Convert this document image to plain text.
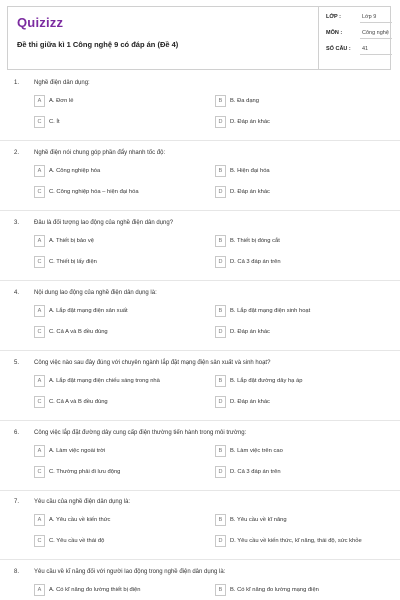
Quizizz
Đề thi giữa kì 1 Công nghệ 9 có đáp án (Đề 4)
LỚP :	Lớp 9
MÔN :	Công nghệ
SỐ CÂU : 41
1. Nghề điện dân dụng:
A	A. Đơn lẻ	B	B. Đa dạng
C	C. Ít	D	D. Đáp án khác
2. Nghề điện nói chung góp phần đẩy nhanh tốc độ:
A	A. Công nghiệp hóa	B	B. Hiện đại hóa
C	C. Công nghiệp hóa – hiện đại hóa	D	D. Đáp án khác
3. Đâu là đối tượng lao động của nghề điện dân dụng?
A	A. Thiết bị bảo vệ	B	B. Thiết bị đóng cắt
C	C. Thiết bị lấy điện	D	D. Cả 3 đáp án trên
4. Nội dung lao động của nghề điện dân dụng là:
A	A. Lắp đặt mạng điện sản xuất	B	B. Lắp đặt mạng điện sinh hoạt
C	C. Cả A và B đều đúng	D	D. Đáp án khác
5. Công việc nào sau đây đúng với chuyên ngành lắp đặt mạng điện sản xuất và sinh hoạt?
A	A. Lắp đặt mạng điện chiếu sáng trong nhà	B	B. Lắp đặt đường dây hạ áp
C	C. Cả A và B đều đúng	D	D. Đáp án khác
6. Công việc lắp đặt đường dây cung cấp điện thường tiến hành trong môi trường:
A	A. Làm việc ngoài trời	B	B. Làm việc trên cao
C	C. Thường phải đi lưu động	D	D. Cả 3 đáp án trên
7. Yêu cầu của nghề điện dân dụng là:
A	A. Yêu cầu về kiến thức	B	B. Yêu cầu về kĩ năng
C	C. Yêu cầu về thái độ	D	D. Yêu cầu về kiến thức, kĩ năng, thái độ, sức khỏe
8. Yêu cầu về kĩ năng đối với người lao động trong nghề điện dân dụng là:
A	A. Có kĩ năng đo lường thiết bị điện	B	B. Có kĩ năng đo lường mạng điện
